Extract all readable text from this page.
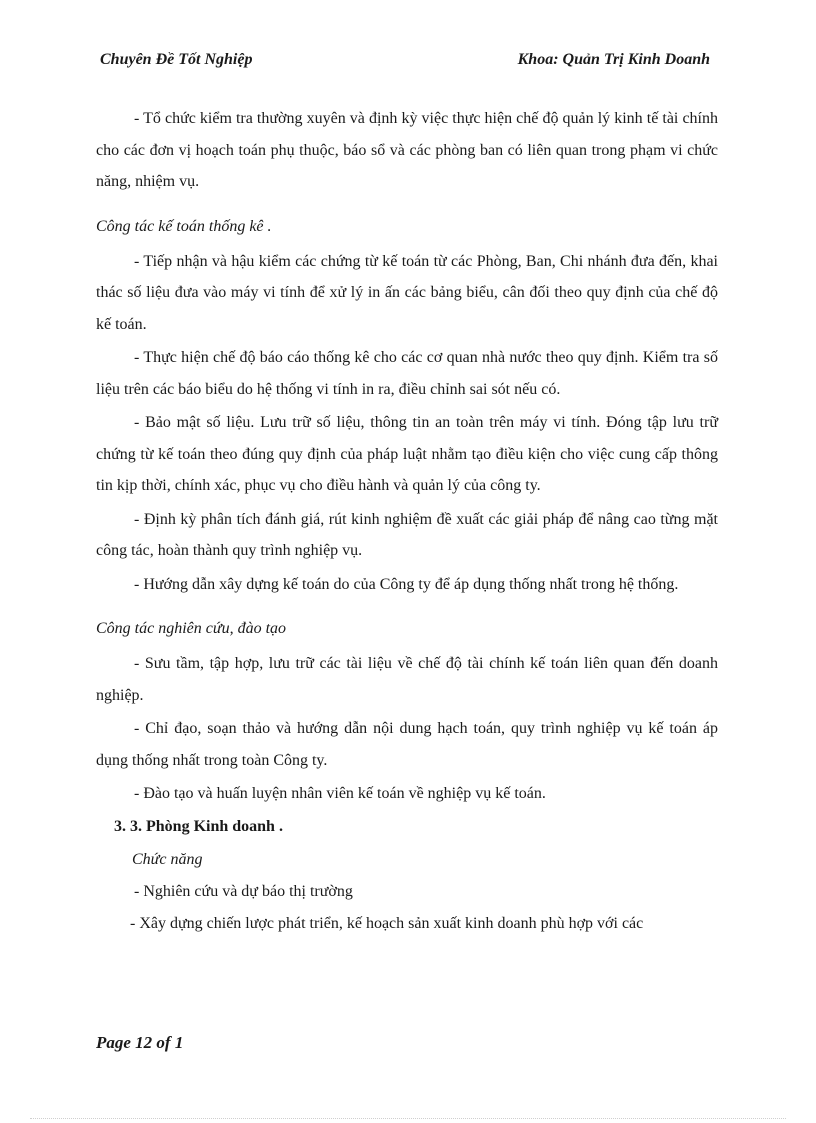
Chuyên Đề Tốt Nghiệp	Khoa: Quản Trị Kinh Doanh

- Tổ chức kiểm tra thường xuyên và định kỳ việc thực hiện chế độ quản lý kinh tế tài chính cho các đơn vị hoạch toán phụ thuộc, báo sổ và các phòng ban có liên quan trong phạm vi chức năng, nhiệm vụ.

Công tác kế toán thống kê .

- Tiếp nhận và hậu kiểm các chứng từ kế toán từ các Phòng, Ban, Chi nhánh đưa đến, khai thác số liệu đưa vào máy vi tính để xử lý in ấn các bảng biểu, cân đối theo quy định của chế độ kế toán.

- Thực hiện chế độ báo cáo thống kê cho các cơ quan nhà nước theo quy định. Kiểm tra số liệu trên các báo biểu do hệ thống vi tính in ra, điều chỉnh sai sót nếu có.

- Bảo mật số liệu. Lưu trữ số liệu, thông tin an toàn trên máy vi tính. Đóng tập lưu trữ chứng từ kế toán theo đúng quy định của pháp luật nhằm tạo điều kiện cho việc cung cấp thông tin kịp thời, chính xác, phục vụ cho điều hành và quản lý của công ty.

- Định kỳ phân tích đánh giá, rút kinh nghiệm đề xuất các giải pháp để nâng cao từng mặt công tác, hoàn thành quy trình nghiệp vụ.

- Hướng dẫn xây dựng kế toán do của Công ty để áp dụng thống nhất trong hệ thống.

Công tác nghiên cứu, đào tạo

- Sưu tầm, tập hợp, lưu trữ các tài liệu về chế độ tài chính kế toán liên quan đến doanh nghiệp.

- Chỉ đạo, soạn thảo và hướng dẫn nội dung hạch toán, quy trình nghiệp vụ kế toán áp dụng thống nhất trong toàn Công ty.

- Đào tạo và huấn luyện nhân viên kế toán về nghiệp vụ kế toán.

3. 3. Phòng Kinh doanh .

Chức năng

- Nghiên cứu và dự báo thị trường

- Xây dựng chiến lược phát triển, kế hoạch sản xuất kinh doanh phù hợp với các

Page 12 of 1
